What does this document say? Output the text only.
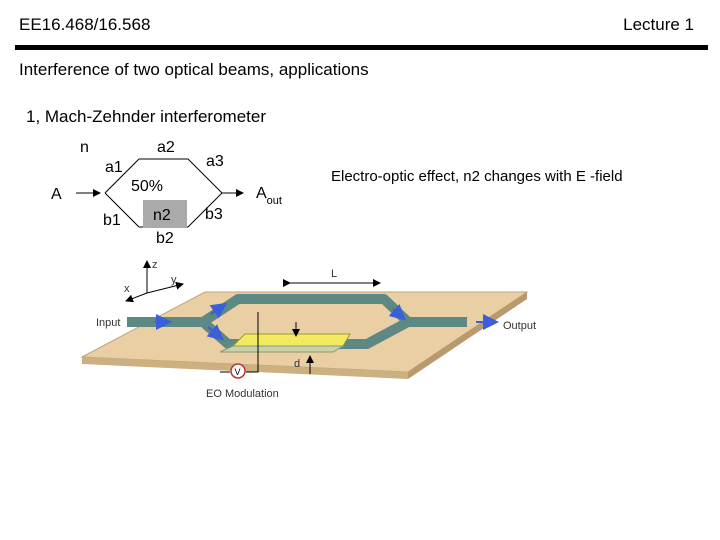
EE16.468/16.568	Lecture 1
Interference of two optical beams, applications
1, Mach-Zehnder interferometer
Electro-optic effect, n2 changes with E -field
n	a2
a1	a3
A	50%
b1 n2
b2
b3
$A_{out}$
z
y
x
L
d
V
Input	Output
EO Modulation
